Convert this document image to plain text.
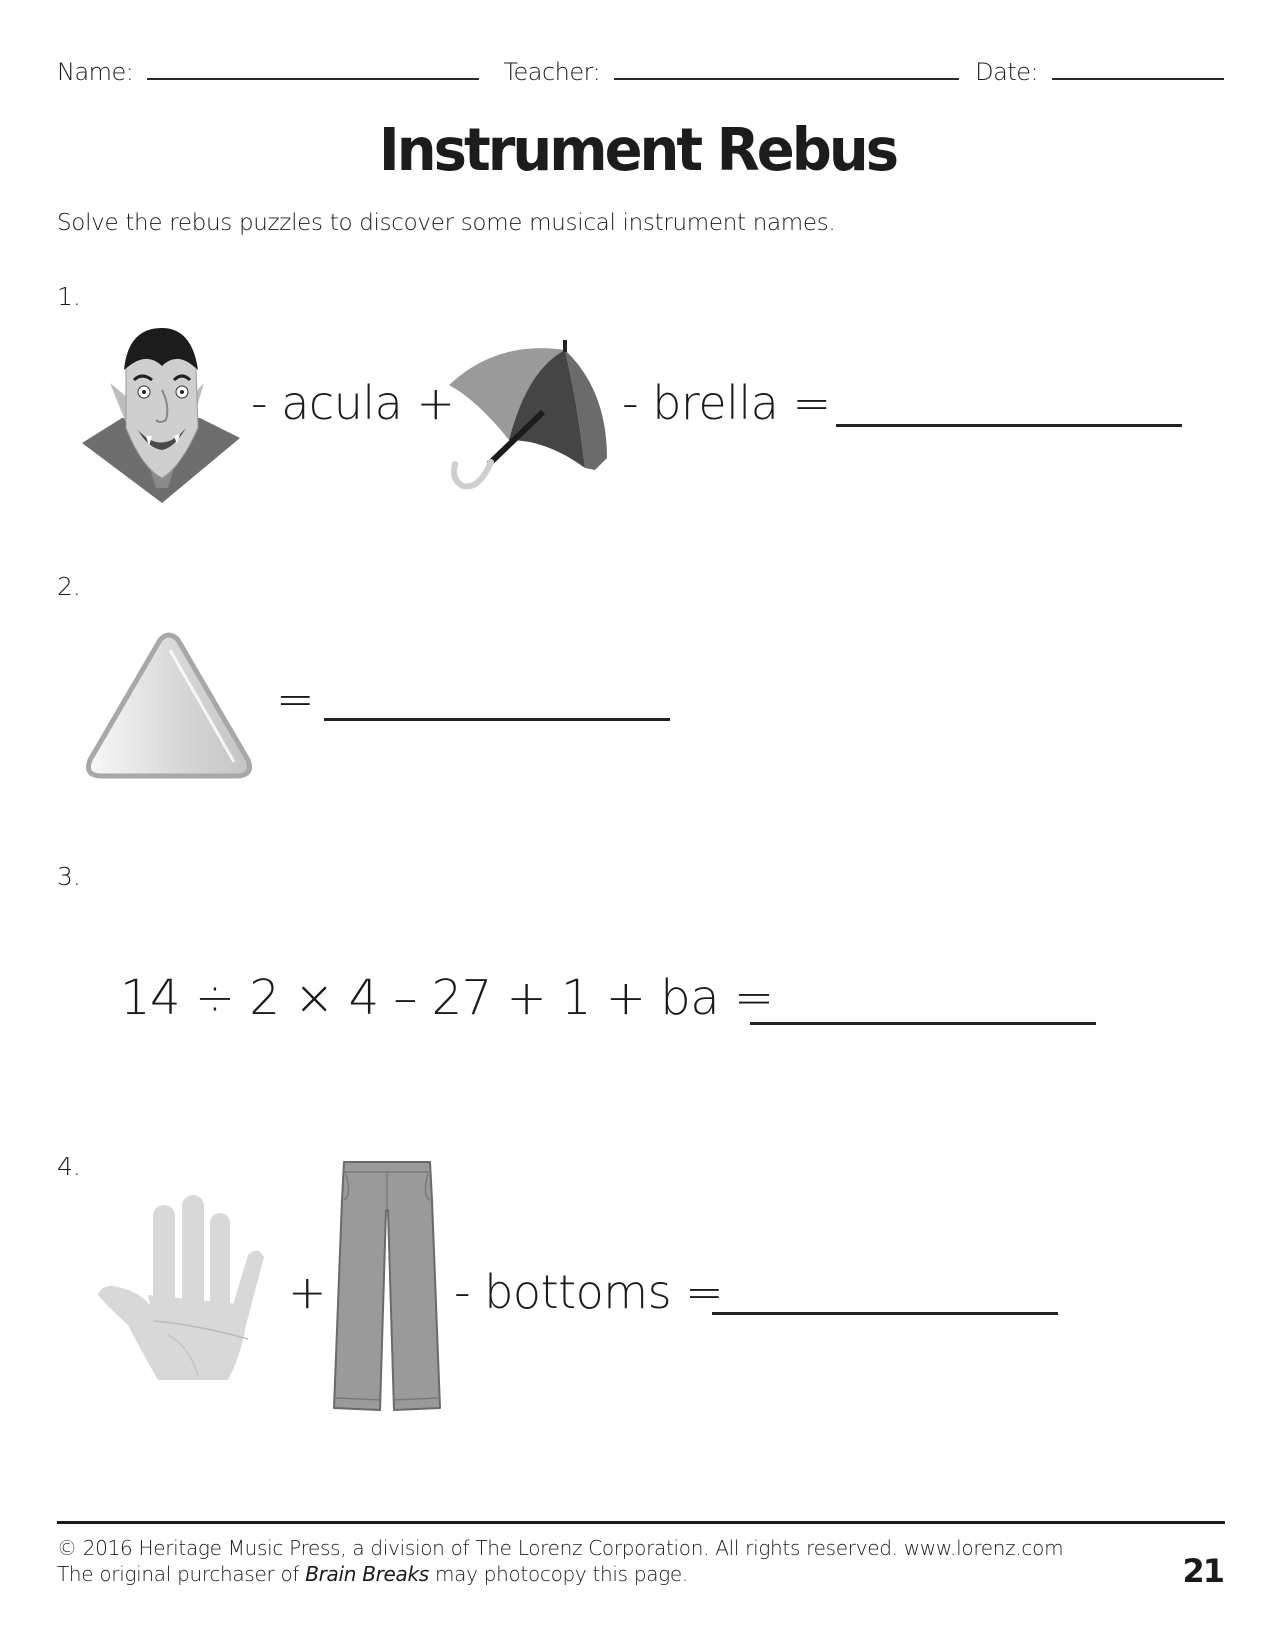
Name:	Teacher:	Date:
Instrument Rebus
Solve the rebus puzzles to discover some musical instrument names.
1.
- acula +	- brella =
2.
=
3.
14 ÷ 2 × 4 – 27 + 1 + ba =
4.
+	- bottoms =
© 2016 Heritage Music Press, a division of The Lorenz Corporation. All rights reserved. www.lorenz.com
The original purchaser of Brain Breaks may photocopy this page.	21
